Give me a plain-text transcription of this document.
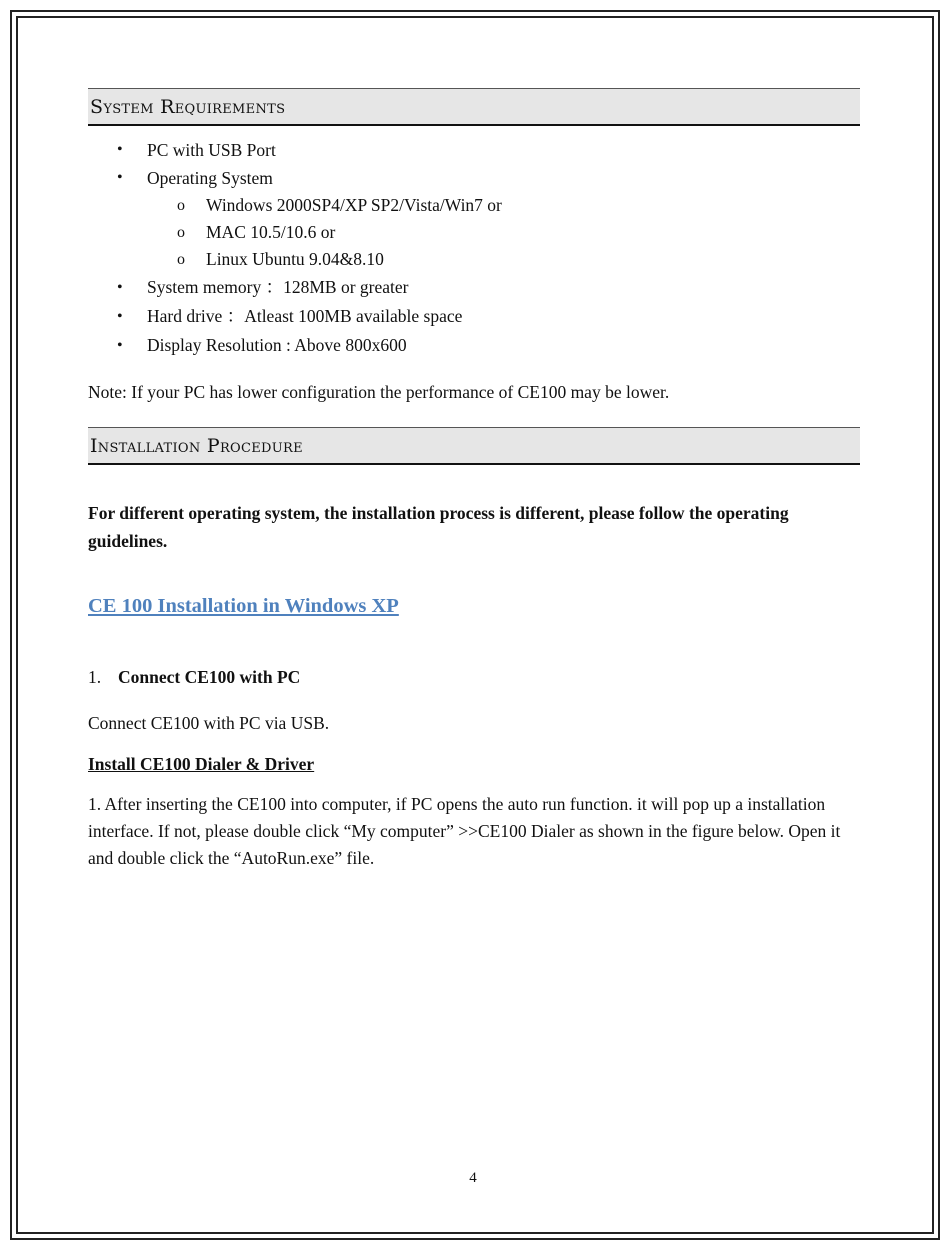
System Requirements
• PC with USB Port
• Operating System
o Windows 2000SP4/XP SP2/Vista/Win7 or
o MAC 10.5/10.6 or
o Linux Ubuntu 9.04&8.10
• System memory ：128MB or greater
• Hard drive ：Atleast 100MB available space
• Display Resolution : Above 800x600

Note: If your PC has lower configuration the performance of CE100 may be lower.

Installation Procedure

For different operating system, the installation process is different, please follow the operating guidelines.

CE 100 Installation in Windows XP
1. Connect CE100 with PC

Connect CE100 with PC via USB.

Install CE100 Dialer & Driver

1. After inserting the CE100 into computer, if PC opens the auto run function. it will pop up a installation interface. If not, please double click “My computer” >>CE100 Dialer as shown in the figure below. Open it and double click the “AutoRun.exe” file.

4
